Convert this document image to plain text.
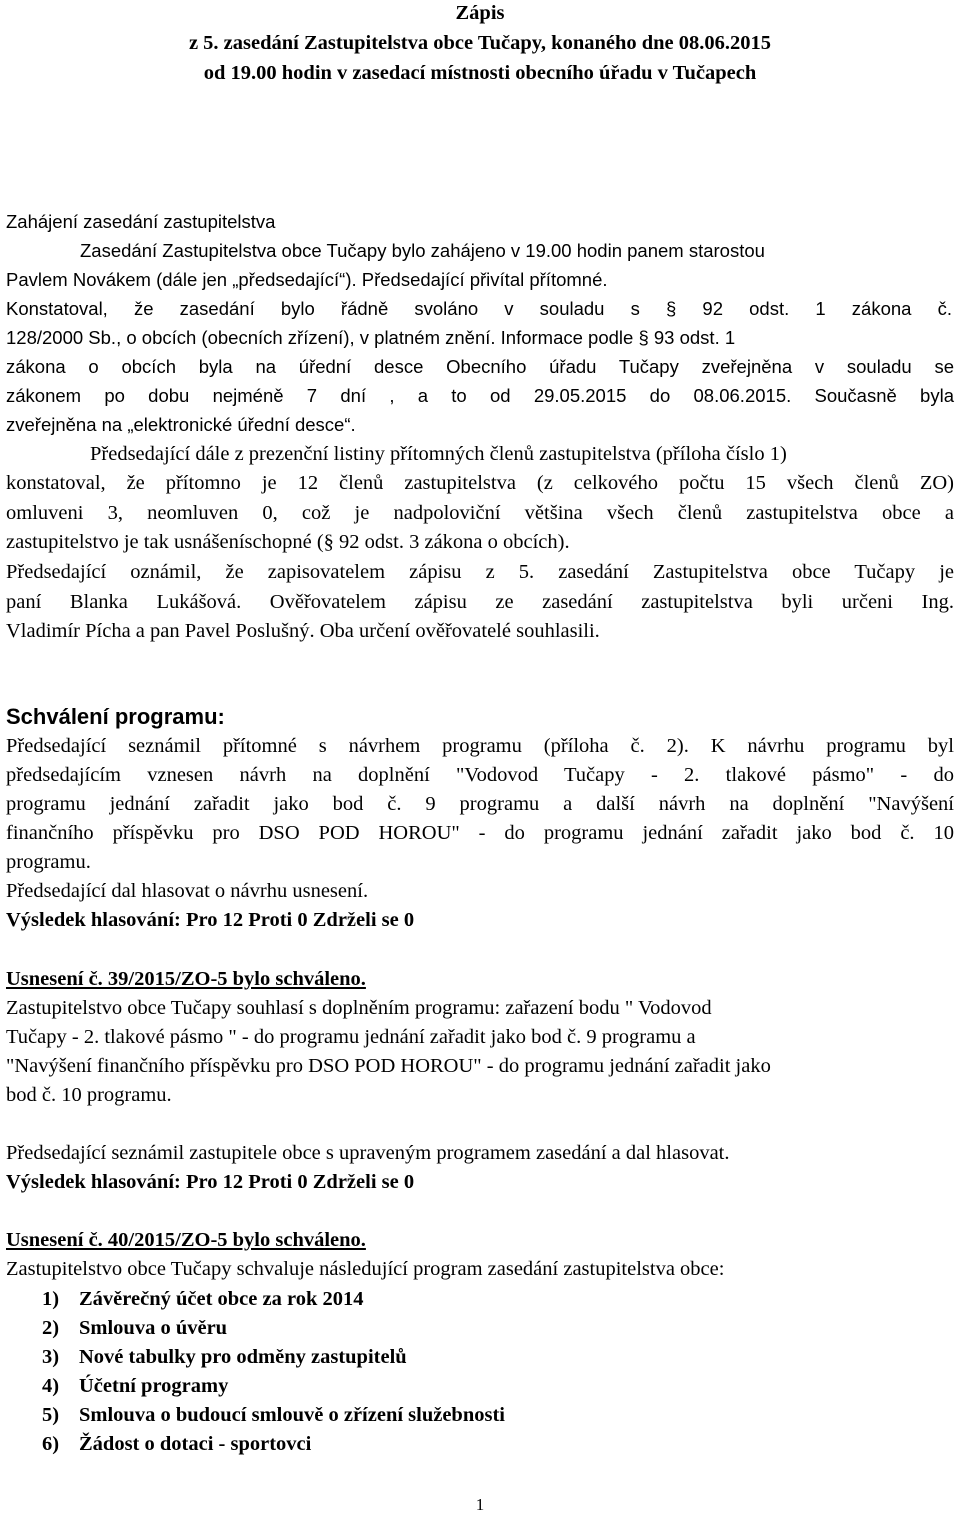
Zápis
z 5. zasedání Zastupitelstva obce Tučapy, konaného dne 08.06.2015
od 19.00 hodin v zasedací místnosti obecního úřadu v Tučapech
Zahájení zasedání zastupitelstva
Zasedání Zastupitelstva obce Tučapy bylo zahájeno v 19.00 hodin panem starostou
Pavlem Novákem (dále jen „předsedající“). Předsedající přivítal přítomné.
Konstatoval, že zasedání bylo řádně svoláno v souladu s § 92 odst. 1 zákona č.
128/2000 Sb., o obcích (obecních zřízení), v platném znění. Informace podle § 93 odst. 1
zákona o obcích byla na úřední desce Obecního úřadu Tučapy zveřejněna v souladu se
zákonem po dobu nejméně 7 dní , a to od 29.05.2015 do 08.06.2015. Současně byla
zveřejněna na „elektronické úřední desce“.
Předsedající dále z prezenční listiny přítomných členů zastupitelstva (příloha číslo 1)
konstatoval, že přítomno je 12 členů zastupitelstva (z celkového počtu 15 všech členů ZO)
omluveni 3, neomluven 0, což je nadpoloviční většina všech členů zastupitelstva obce a
zastupitelstvo je tak usnášeníschopné (§ 92 odst. 3 zákona o obcích).
Předsedající oznámil, že zapisovatelem zápisu z 5. zasedání Zastupitelstva obce Tučapy je
paní Blanka Lukášová. Ověřovatelem zápisu ze zasedání zastupitelstva byli určeni Ing.
Vladimír Pícha a pan Pavel Poslušný. Oba určení ověřovatelé souhlasili.
Schválení programu:
Předsedající seznámil přítomné s návrhem programu (příloha č. 2). K návrhu programu byl
předsedajícím vznesen návrh na doplnění "Vodovod Tučapy - 2. tlakové pásmo" - do
programu jednání zařadit jako bod č. 9 programu a další návrh na doplnění "Navýšení
finančního příspěvku pro DSO POD HOROU" - do programu jednání zařadit jako bod č. 10
programu.
Předsedající dal hlasovat o návrhu usnesení.
Výsledek hlasování: Pro 12 Proti 0 Zdrželi se 0
Usnesení č. 39/2015/ZO-5 bylo schváleno.
Zastupitelstvo obce Tučapy souhlasí s doplněním programu: zařazení bodu " Vodovod
Tučapy - 2. tlakové pásmo " - do programu jednání zařadit jako bod č. 9 programu a
"Navýšení finančního příspěvku pro DSO POD HOROU" - do programu jednání zařadit jako
bod č. 10 programu.
Předsedající seznámil zastupitele obce s upraveným programem zasedání a dal hlasovat.
Výsledek hlasování: Pro 12 Proti 0 Zdrželi se 0
Usnesení č. 40/2015/ZO-5 bylo schváleno.
Zastupitelstvo obce Tučapy schvaluje následující program zasedání zastupitelstva obce:
1) Závěrečný účet obce za rok 2014
2) Smlouva o úvěru
3) Nové tabulky pro odměny zastupitelů
4) Účetní programy
5) Smlouva o budoucí smlouvě o zřízení služebnosti
6) Žádost o dotaci - sportovci
1
